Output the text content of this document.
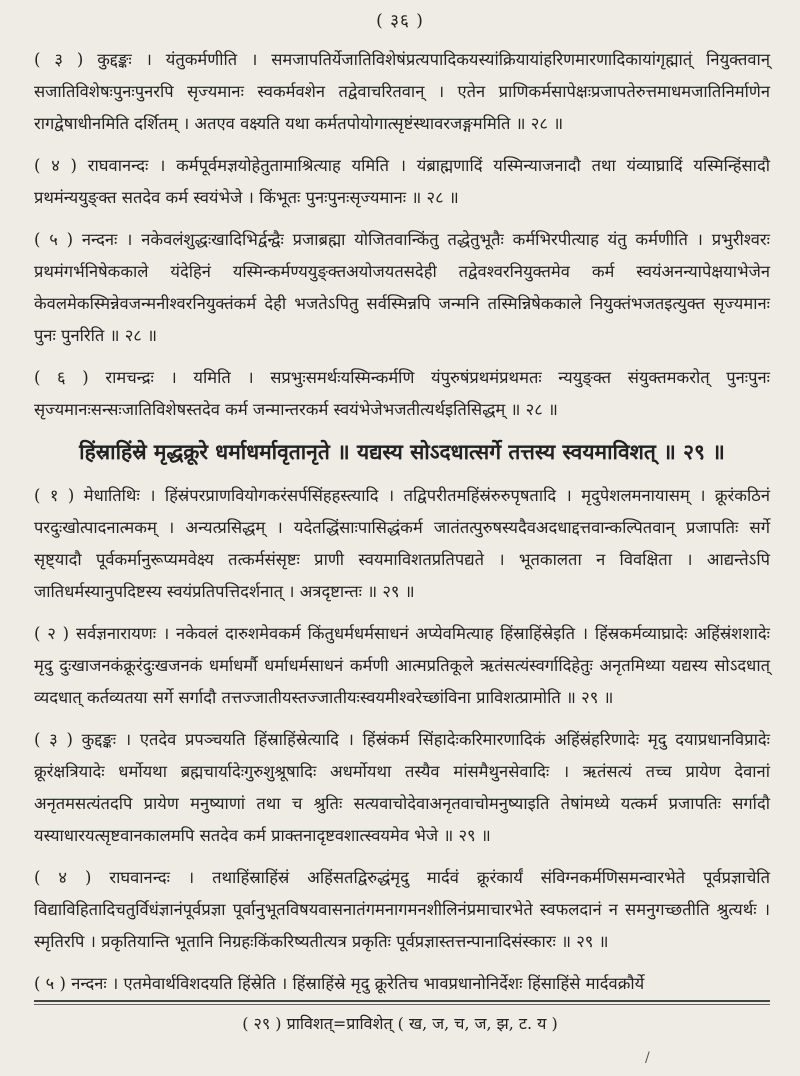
( ३६ )

( ३ ) कुद्दङ्कः । यंतुकर्मणीति । समजापतिर्येजातिविशेषंप्रत्यपादिकयस्यांक्रियायांहरिणमारणादिकायांगृह्मात्ं नियुक्तवान् सजातिविशेषःपुनःपुनरपि सृज्यमानः स्वकर्मवशेन तद्वेवाचरितवान् । एतेन प्राणिकर्मसापेक्षःप्रजापतेरुत्तमाधमजातिनिर्माणेन रागद्वेषाधीनमिति दर्शितम् । अतएव वक्ष्यति यथा कर्मतपोयोगात्सृष्टंस्थावरजङ्गममिति ॥ २८ ॥

( ४ ) राघवानन्दः । कर्मपूर्वमज्ञयोहेतुतामाश्रित्याह यमिति । यंब्राह्मणादिं यस्मिन्याजनादौ तथा यंव्याघ्रादिं यस्मिन्हिंसादौ प्रथमंन्ययुङ्क्त सतदेव कर्म स्वयंभेजे । किंभूतः पुनःपुनःसृज्यमानः ॥ २८ ॥

( ५ ) नन्दनः । नकेवलंशुद्धःखादिभिर्द्वन्द्वैः प्रजाब्रह्मा योजितवान्किंतु तद्धेतुभूतैः कर्मभिरपीत्याह यंतु कर्मणीति । प्रभुरीश्वरः प्रथमंगर्भनिषेककाले यंदेहिनं यस्मिन्कर्मण्ययुङ्क्तअयोजयतसदेही तद्वेवश्वरनियुक्तमेव कर्म स्वयंअनन्यापेक्षयाभेजेन केवलमेकस्मिन्नेवजन्मनीश्वरनियुक्तंकर्म देही भजतेऽपितु सर्वस्मिन्नपि जन्मनि तस्मिन्निषेककाले नियुक्तंभजतइत्युक्त सृज्यमानः पुनः पुनरिति ॥ २८ ॥

( ६ ) रामचन्द्रः । यमिति । सप्रभुःसमर्थःयस्मिन्कर्मणि यंपुरुषंप्रथमंप्रथमतः न्ययुङ्क्त संयुक्तमकरोत् पुनःपुनः सृज्यमानःसन्सःजातिविशेषस्तदेव कर्म जन्मान्तरकर्म स्वयंभेजेभजतीत्यर्थइतिसिद्धम् ॥ २८ ॥

हिंस्राहिंस्रे मृद्धक्रूरे धर्माधर्मावृतानृते ॥ यद्यस्य सोऽदधात्सर्गे तत्तस्य स्वयमाविशत् ॥ २९ ॥

( १ ) मेधातिथिः । हिंस्रंपरप्राणवियोगकरंसर्पसिंहहस्त्यादि । तद्विपरीतमहिंस्रंरुरुपृषतादि । मृदुपेशलमनायासम् । क्रूरंकठिनं परदुःखोत्पादनात्मकम् । अन्यत्प्रसिद्धम् । यदेतद्धिंसाःपासिद्धंकर्म जातंतत्पुरुषस्यदैवअदधाद्दत्तवान्कल्पितवान् प्रजापतिः सर्गे सृष्ट्यादौ पूर्वकर्मानुरूप्यमवेक्ष्य तत्कर्मसंसृष्टः प्राणी स्वयमाविशतप्रतिपद्यते । भूतकालता न विवक्षिता । आद्यन्तेऽपि जातिधर्मस्यानुपदिष्टस्य स्वयंप्रतिपत्तिदर्शनात् । अत्रदृष्टान्तः ॥ २९ ॥

( २ ) सर्वज्ञनारायणः । नकेवलं दारुशमेवकर्म किंतुधर्मधर्मसाधनं अप्येवमित्याह हिंस्राहिंस्रेइति । हिंस्रकर्मव्याघ्रादेः अहिंस्रंशशादेः मृदु दुःखाजनकंक्रूरंदुःखजनकं धर्माधर्मौ धर्माधर्मसाधनं कर्मणी आत्मप्रतिकूले ऋतंसत्यंस्वर्गादिहेतुः अनृतमिथ्या यद्यस्य सोऽदधात् व्यदधात् कर्तव्यतया सर्गे सर्गादौ तत्तज्जातीयस्तज्जातीयःस्वयमीश्वरेच्छांविना प्राविशत्प्रामोति ॥ २९ ॥

( ३ ) कुद्दङ्कः । एतदेव प्रपञ्चयति हिंस्राहिंस्रेत्यादि । हिंस्रंकर्म सिंहादेःकरिमारणादिकं अहिंस्रंहरिणादेः मृदु दयाप्रधानविप्रादेः क्रूरंक्षत्रियादेः धर्मोयथा ब्रह्मचार्यादेःगुरुशुश्रूषादिः अधर्मोयथा तस्यैव मांसमैथुनसेवादिः । ऋतंसत्यं तच्च प्रायेण देवानां अनृतमसत्यंतदपि प्रायेण मनुष्याणां तथा च श्रुतिः सत्यवाचोदेवाअनृतवाचोमनुष्याइति तेषांमध्ये यत्कर्म प्रजापतिः सर्गादौ यस्याधारयत्सृष्टवानकालमपि सतदेव कर्म प्राक्तनादृष्टवशात्स्वयमेव भेजे ॥ २९ ॥

( ४ ) राघवानन्दः । तथाहिंस्राहिंस्रं अहिंसतद्विरुद्धंमृदु मार्दवं क्रूरंकार्यं संविग्नकर्मणिसमन्वारभेते पूर्वप्रज्ञाचेति विद्याविहितादिचतुर्विधंज्ञानंपूर्वप्रज्ञा पूर्वानुभूतविषयवासनातंगमनागमनशीलिनंप्रमाचारभेते स्वफलदानं न समनुगच्छतीति श्रुत्यर्थः । स्मृतिरपि । प्रकृतियान्ति भूतानि निग्रहःकिंकरिष्यतीत्यत्र प्रकृतिः पूर्वप्रज्ञास्तत्तन्पानादिसंस्कारः ॥ २९ ॥

( ५ ) नन्दनः । एतमेवार्थविशदयति हिंस्रेति । हिंस्राहिंस्रे मृदु क्रूरेतिच भावप्रधानोनिर्देशः हिंसाहिंसे मार्दवक्रौर्ये

( २९ ) प्राविशत्=प्राविशेत् ( ख, ज, च, ज, झ, ट. य )
/
